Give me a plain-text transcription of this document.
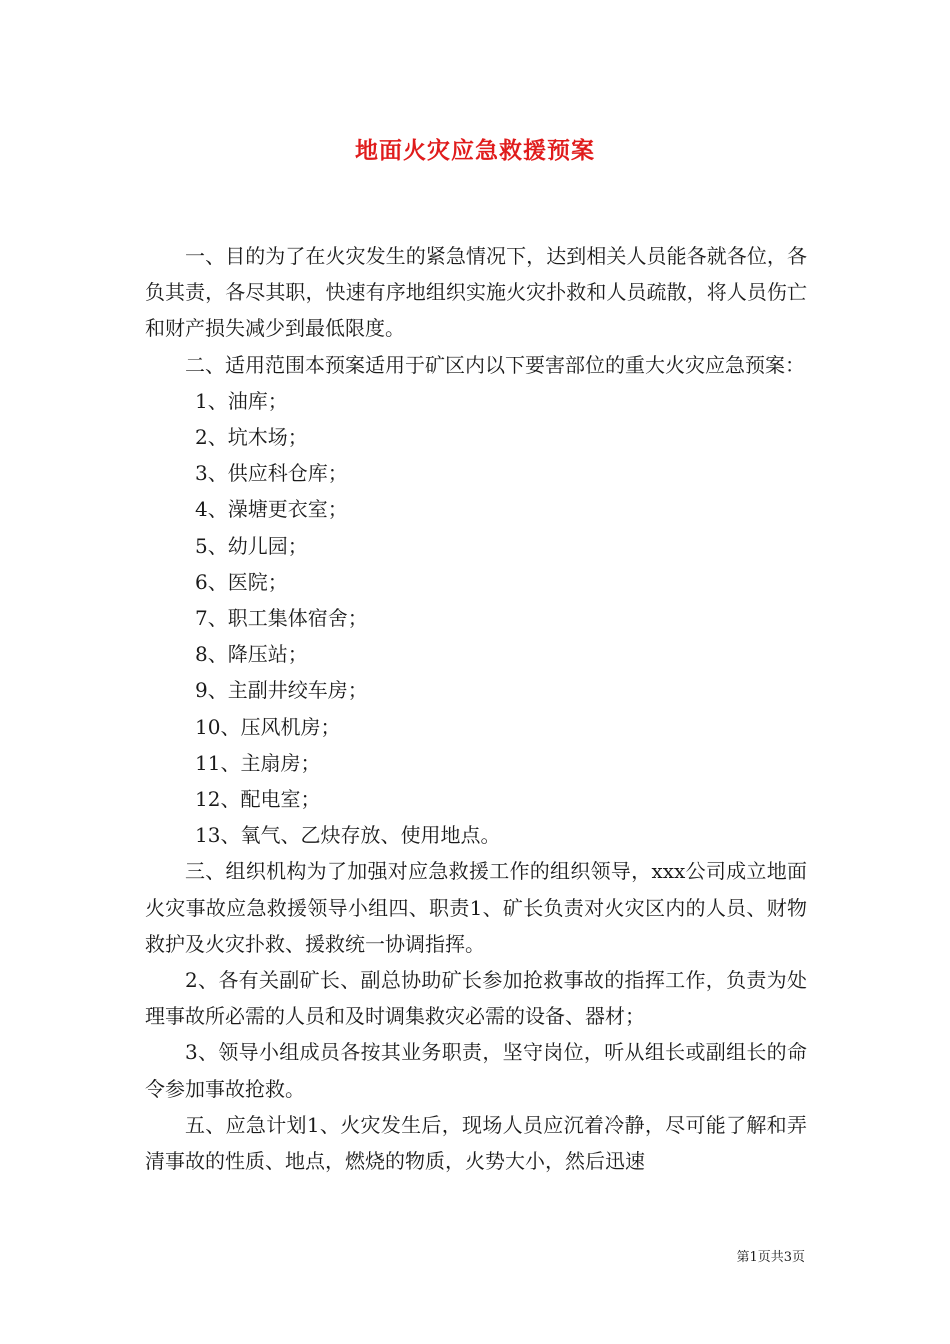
地面火灾应急救援预案

一、目的为了在火灾发生的紧急情况下，达到相关人员能各就各位，各负其责，各尽其职，快速有序地组织实施火灾扑救和人员疏散，将人员伤亡和财产损失减少到最低限度。

二、适用范围本预案适用于矿区内以下要害部位的重大火灾应急预案：

1、油库；

2、坑木场；

3、供应科仓库；

4、澡塘更衣室；

5、幼儿园；

6、医院；

7、职工集体宿舍；

8、降压站；

9、主副井绞车房；

10、压风机房；

11、主扇房；

12、配电室；

13、氧气、乙炔存放、使用地点。

三、组织机构为了加强对应急救援工作的组织领导，xxx公司成立地面火灾事故应急救援领导小组四、职责1、矿长负责对火灾区内的人员、财物救护及火灾扑救、援救统一协调指挥。

2、各有关副矿长、副总协助矿长参加抢救事故的指挥工作，负责为处理事故所必需的人员和及时调集救灾必需的设备、器材；

3、领导小组成员各按其业务职责，坚守岗位，听从组长或副组长的命令参加事故抢救。

五、应急计划1、火灾发生后，现场人员应沉着冷静，尽可能了解和弄清事故的性质、地点，燃烧的物质，火势大小，然后迅速

第1页共3页
